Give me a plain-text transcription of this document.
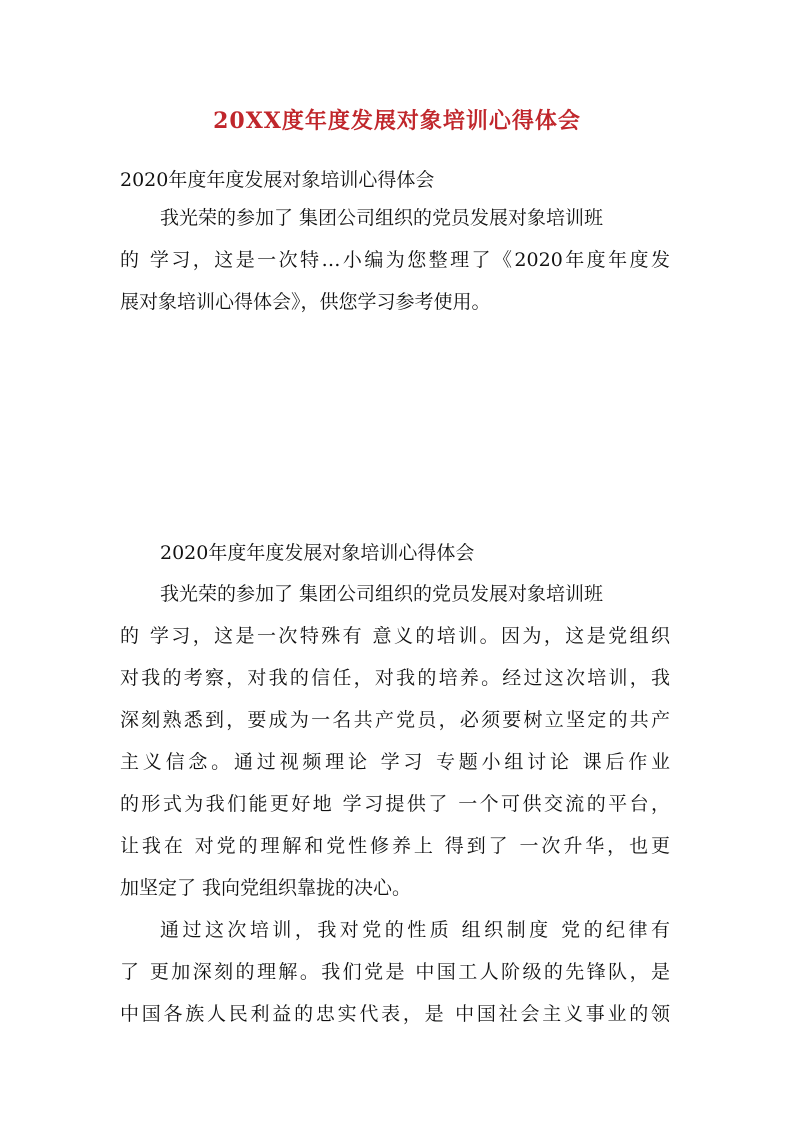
20XX度年度发展对象培训心得体会
2020年度年度发展对象培训心得体会
我光荣的参加了 集团公司组织的党员发展对象培训班
的 学习，这是一次特…小编为您整理了《2020年度年度发
展对象培训心得体会》，供您学习参考使用。
2020年度年度发展对象培训心得体会
我光荣的参加了 集团公司组织的党员发展对象培训班
的 学习，这是一次特殊有 意义的培训。因为，这是党组织
对我的考察，对我的信任，对我的培养。经过这次培训，我
深刻熟悉到，要成为一名共产党员，必须要树立坚定的共产
主义信念。通过视频理论 学习 专题小组讨论 课后作业
的形式为我们能更好地 学习提供了 一个可供交流的平台，
让我在 对党的理解和党性修养上 得到了 一次升华，也更
加坚定了 我向党组织靠拢的决心。
通过这次培训，我对党的性质 组织制度 党的纪律有
了 更加深刻的理解。我们党是 中国工人阶级的先锋队，是
中国各族人民利益的忠实代表，是 中国社会主义事业的领
